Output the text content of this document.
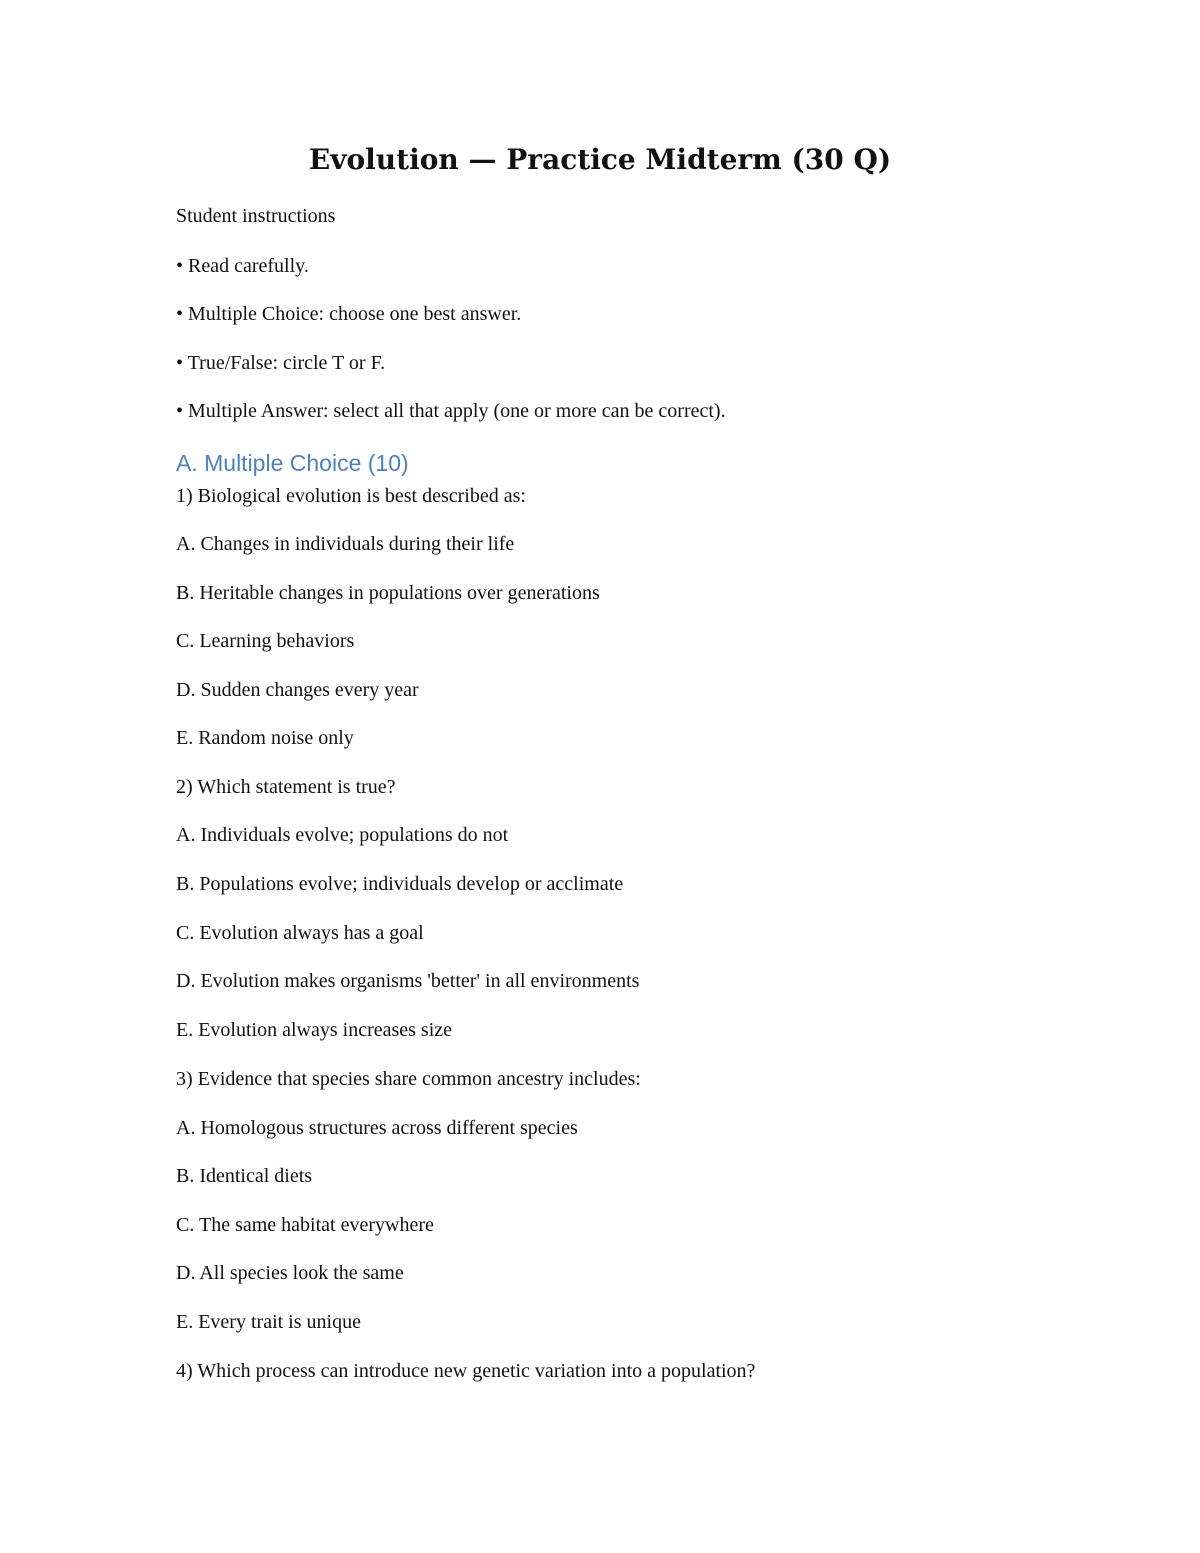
Evolution — Practice Midterm (30 Q)
Student instructions
• Read carefully.
• Multiple Choice: choose one best answer.
• True/False: circle T or F.
• Multiple Answer: select all that apply (one or more can be correct).
A. Multiple Choice (10)
1) Biological evolution is best described as:
A. Changes in individuals during their life
B. Heritable changes in populations over generations
C. Learning behaviors
D. Sudden changes every year
E. Random noise only
2) Which statement is true?
A. Individuals evolve; populations do not
B. Populations evolve; individuals develop or acclimate
C. Evolution always has a goal
D. Evolution makes organisms 'better' in all environments
E. Evolution always increases size
3) Evidence that species share common ancestry includes:
A. Homologous structures across different species
B. Identical diets
C. The same habitat everywhere
D. All species look the same
E. Every trait is unique
4) Which process can introduce new genetic variation into a population?
